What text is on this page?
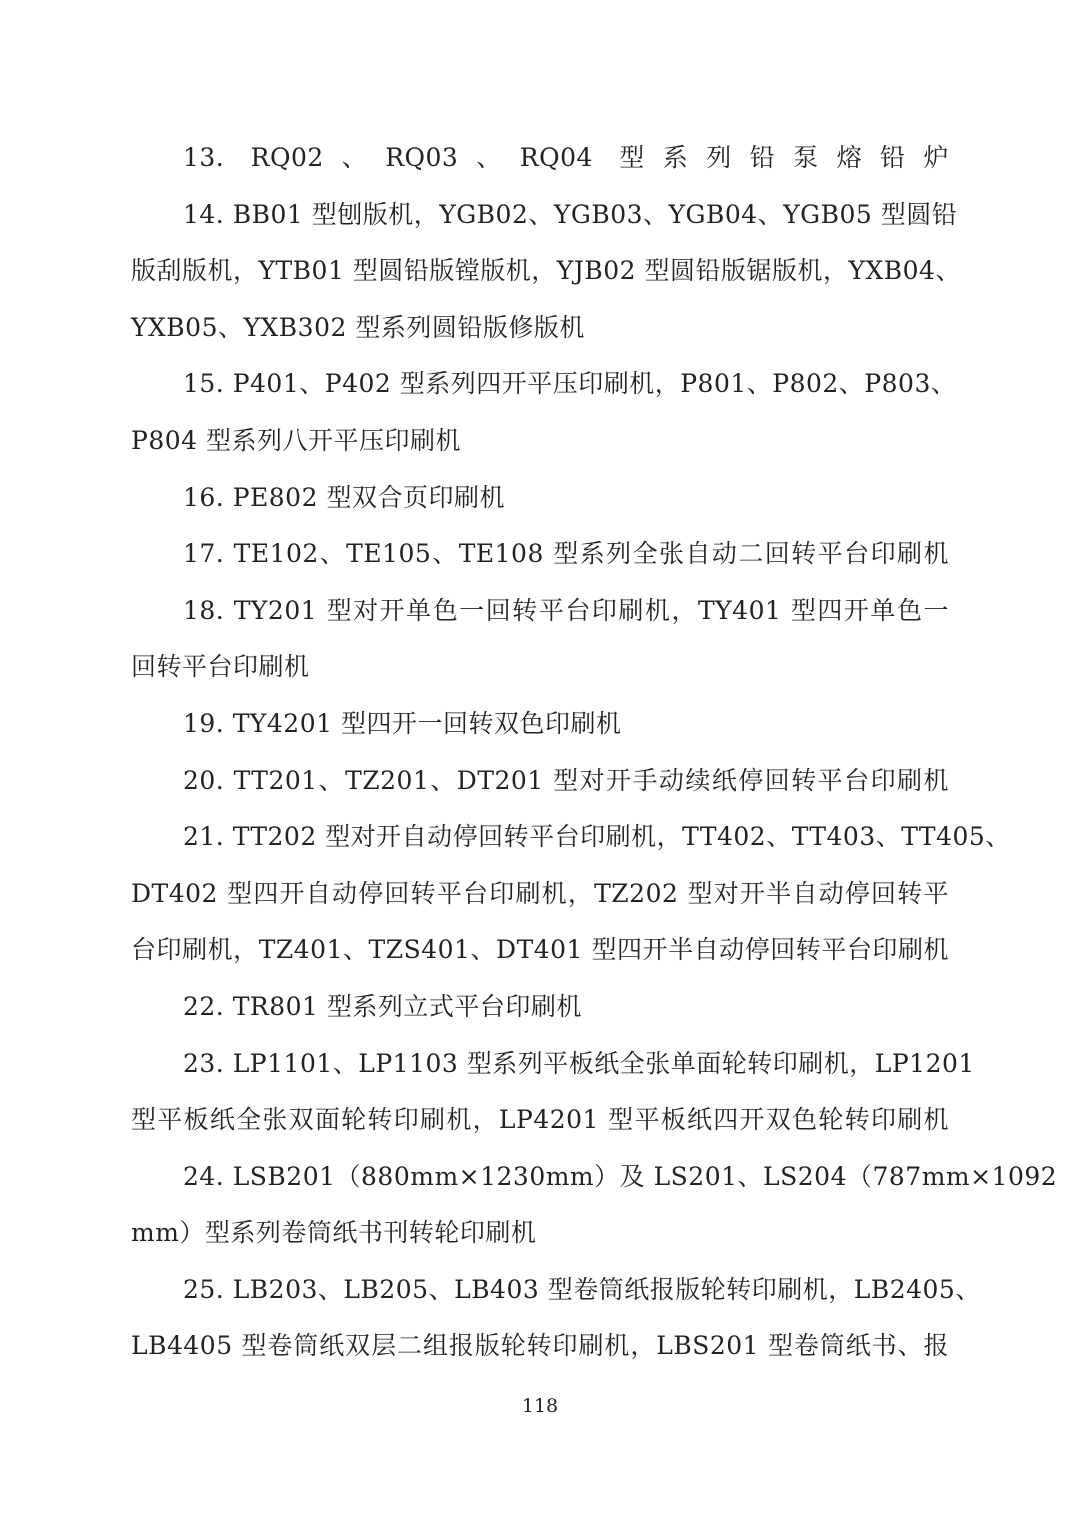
13. RQ02、RQ03、RQ04 型系列铅泵熔铅炉
14. BB01 型刨版机，YGB02、YGB03、YGB04、YGB05 型圆铅
版刮版机，YTB01 型圆铅版镗版机，YJB02 型圆铅版锯版机，YXB04、
YXB05、YXB302 型系列圆铅版修版机
15. P401、P402 型系列四开平压印刷机，P801、P802、P803、
P804 型系列八开平压印刷机
16. PE802 型双合页印刷机
17. TE102、TE105、TE108 型系列全张自动二回转平台印刷机
18. TY201 型对开单色一回转平台印刷机，TY401 型四开单色一
回转平台印刷机
19. TY4201 型四开一回转双色印刷机
20. TT201、TZ201、DT201 型对开手动续纸停回转平台印刷机
21. TT202 型对开自动停回转平台印刷机，TT402、TT403、TT405、
DT402 型四开自动停回转平台印刷机，TZ202 型对开半自动停回转平
台印刷机，TZ401、TZS401、DT401 型四开半自动停回转平台印刷机
22. TR801 型系列立式平台印刷机
23. LP1101、LP1103 型系列平板纸全张单面轮转印刷机，LP1201
型平板纸全张双面轮转印刷机，LP4201 型平板纸四开双色轮转印刷机
24. LSB201（880mm×1230mm）及 LS201、LS204（787mm×1092
mm）型系列卷筒纸书刊转轮印刷机
25. LB203、LB205、LB403 型卷筒纸报版轮转印刷机，LB2405、
LB4405 型卷筒纸双层二组报版轮转印刷机，LBS201 型卷筒纸书、报
118
